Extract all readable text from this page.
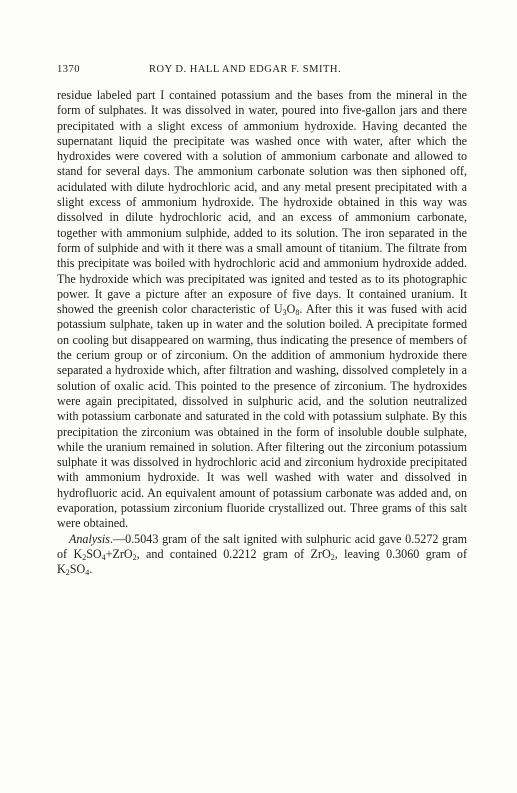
1370	ROY D. HALL AND EDGAR F. SMITH.

residue labeled part I contained potassium and the bases from the mineral in the form of sulphates. It was dissolved in water, poured into five-gallon jars and there precipitated with a slight excess of ammonium hydroxide. Having decanted the supernatant liquid the precipitate was washed once with water, after which the hydroxides were covered with a solution of ammonium carbonate and allowed to stand for several days. The ammonium carbonate solution was then siphoned off, acidulated with dilute hydrochloric acid, and any metal present precipitated with a slight excess of ammonium hydroxide. The hydroxide obtained in this way was dissolved in dilute hydrochloric acid, and an excess of ammonium carbonate, together with ammonium sulphide, added to its solution. The iron separated in the form of sulphide and with it there was a small amount of titanium. The filtrate from this precipitate was boiled with hydrochloric acid and ammonium hydroxide added. The hydroxide which was precipitated was ignited and tested as to its photographic power. It gave a picture after an exposure of five days. It contained uranium. It showed the greenish color characteristic of $U_3O_8$. After this it was fused with acid potassium sulphate, taken up in water and the solution boiled. A precipitate formed on cooling but disappeared on warming, thus indicating the presence of members of the cerium group or of zirconium. On the addition of ammonium hydroxide there separated a hydroxide which, after filtration and washing, dissolved completely in a solution of oxalic acid. This pointed to the presence of zirconium. The hydroxides were again precipitated, dissolved in sulphuric acid, and the solution neutralized with potassium carbonate and saturated in the cold with potassium sulphate. By this precipitation the zirconium was obtained in the form of insoluble double sulphate, while the uranium remained in solution. After filtering out the zirconium potassium sulphate it was dissolved in hydrochloric acid and zirconium hydroxide precipitated with ammonium hydroxide. It was well washed with water and dissolved in hydrofluoric acid. An equivalent amount of potassium carbonate was added and, on evaporation, potassium zirconium fluoride crystallized out. Three grams of this salt were obtained.

Analysis.—0.5043 gram of the salt ignited with sulphuric acid gave 0.5272 gram of $K_2SO_4+ZrO_2$, and contained 0.2212 gram of ZrO$_2$, leaving 0.3060 gram of $K_2SO_4$.
